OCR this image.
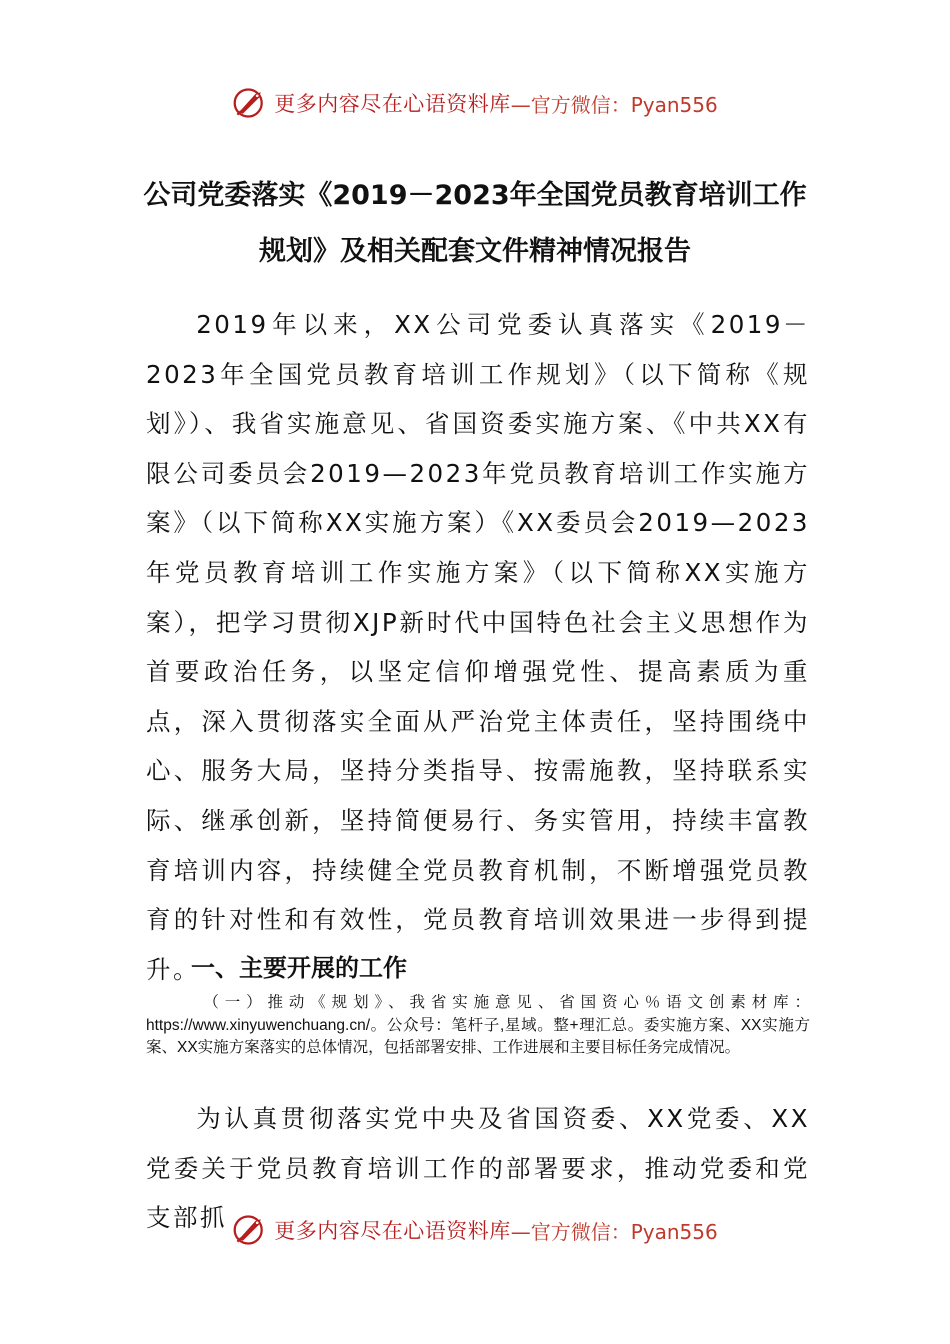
更多内容尽在心语资料库 —官方微信：Pyan556
公司党委落实《2019－2023年全国党员教育培训工作规划》及相关配套文件精神情况报告

2019年以来，XX公司党委认真落实《2019－2023年全国党员教育培训工作规划》（以下简称《规划》）、我省实施意见、省国资委实施方案、《中共XX有限公司委员会2019—2023年党员教育培训工作实施方案》（以下简称XX实施方案）《XX委员会2019—2023年党员教育培训工作实施方案》（以下简称XX实施方案），把学习贯彻XJP新时代中国特色社会主义思想作为首要政治任务，以坚定信仰增强党性、提高素质为重点，深入贯彻落实全面从严治党主体责任，坚持围绕中心、服务大局，坚持分类指导、按需施教，坚持联系实际、继承创新，坚持简便易行、务实管用，持续丰富教育培训内容，持续健全党员教育机制，不断增强党员教育的针对性和有效性，党员教育培训效果进一步得到提升。

一、主要开展的工作

（一）推动《规划》、我省实施意见、省国资心％语文创素材库：https://www.xinyuwenchuang.cn/。公众号：笔杆子,星域。整+理汇总。委实施方案、XX实施方案、XX实施方案落实的总体情况，包括部署安排、工作进展和主要目标任务完成情况。

为认真贯彻落实党中央及省国资委、XX党委、XX党委关于党员教育培训工作的部署要求，推动党委和党支部抓	更多内容尽在心语资料库 —官方微信：Pyan556
